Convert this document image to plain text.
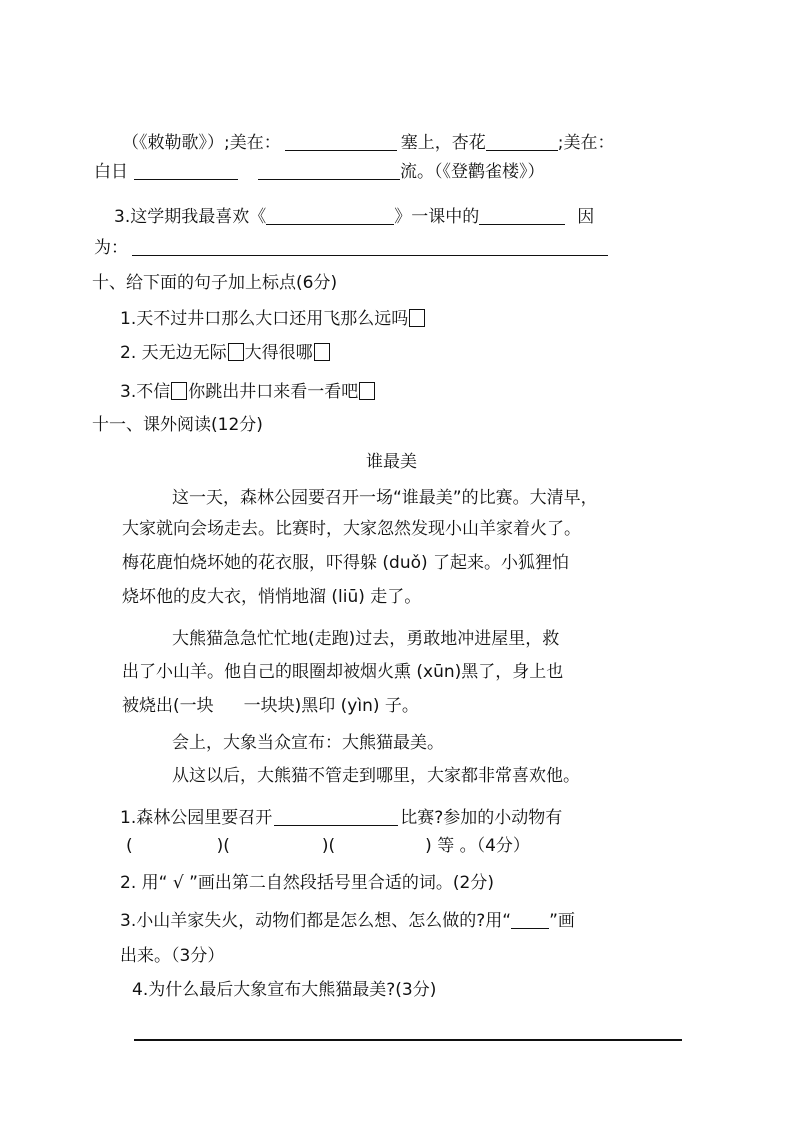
（《敕勒歌》）;美在：	塞上，杏花	;美在：
白日	流。（《登鹳雀楼》）
3.这学期我最喜欢《	》一课中的	因
为：
十、给下面的句子加上标点(6分)
1.天不过井口那么大口还用飞那么远吗
2. 天无边无际 大得很哪
3.不信 你跳出井口来看一看吧
十一、课外阅读(12分)
谁最美
这一天，森林公园要召开一场“谁最美”的比赛。大清早，
大家就向会场走去。比赛时，大家忽然发现小山羊家着火了。
梅花鹿怕烧坏她的花衣服，吓得躲 (duǒ) 了起来。小狐狸怕
烧坏他的皮大衣，悄悄地溜 (liū) 走了。
大熊猫急急忙忙地(走跑)过去，勇敢地冲进屋里，救
出了小山羊。他自己的眼圈却被烟火熏 (xūn)黑了，身上也
被烧出(一块 一块块)黑印 (yìn) 子。
会上，大象当众宣布：大熊猫最美。
从这以后，大熊猫不管走到哪里，大家都非常喜欢他。
1.森林公园里要召开	比赛?参加的小动物有
(	)(	)(	) 等 。（4分）
2. 用“ √ ”画出第二自然段括号里合适的词。(2分)
3.小山羊家失火，动物们都是怎么想、怎么做的?用“ ”画
出来。（3分）
4.为什么最后大象宣布大熊猫最美?(3分)
